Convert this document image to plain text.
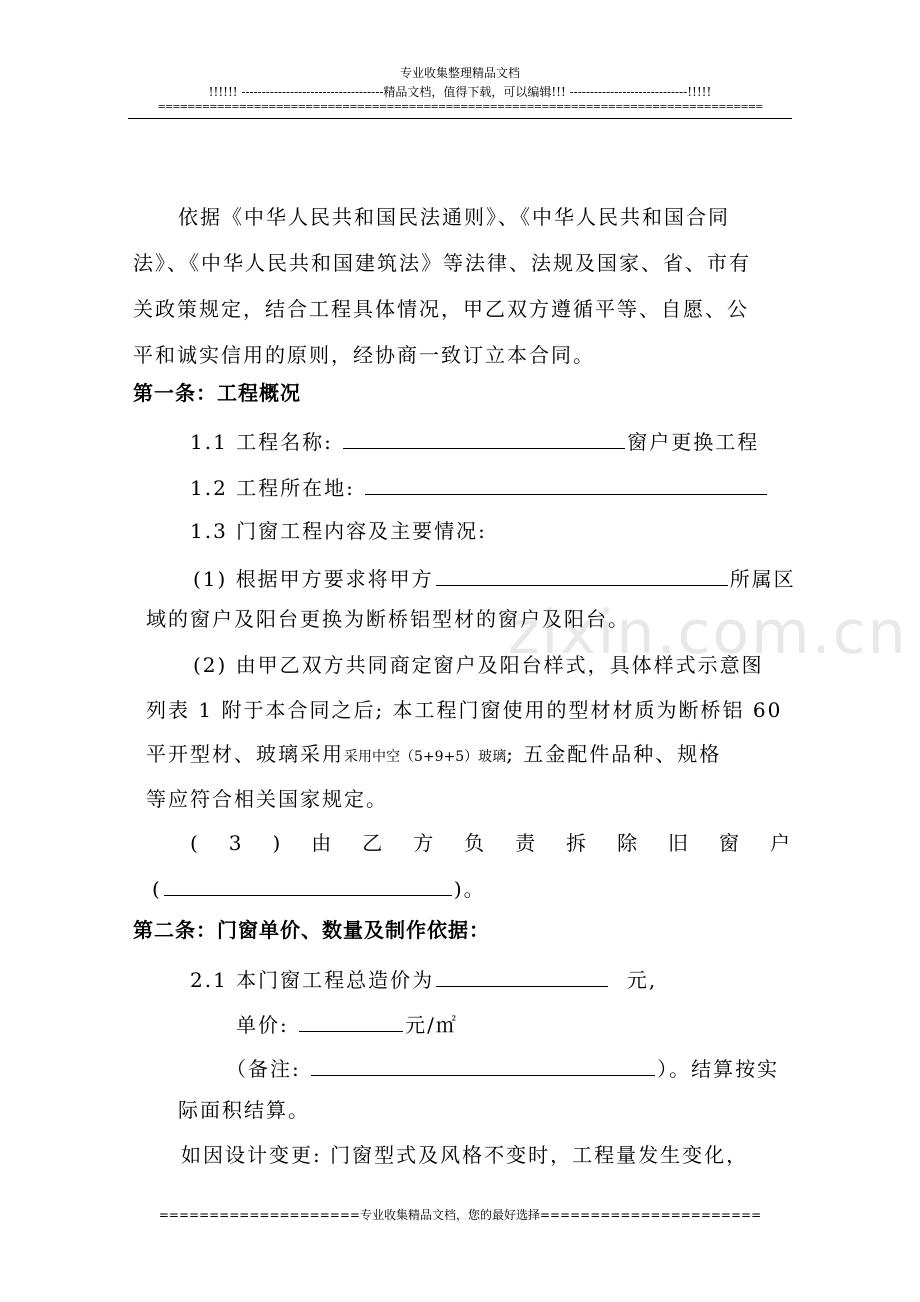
专业收集整理精品文档
!!!!!! -----------------------------------精品文档，值得下载，可以编辑!!! -----------------------------!!!!!
==================================================================================
zixin.com.cn
依据《中华人民共和国民法通则》、《中华人民共和国合同
法》、《中华人民共和国建筑法》等法律、法规及国家、省、市有
关政策规定，结合工程具体情况，甲乙双方遵循平等、自愿、公
平和诚实信用的原则，经协商一致订立本合同。
第一条：工程概况
1.1 工程名称:	窗户更换工程
1.2 工程所在地:
1.3 门窗工程内容及主要情况:
(1) 根据甲方要求将甲方	所属区
域的窗户及阳台更换为断桥铝型材的窗户及阳台。
(2) 由甲乙双方共同商定窗户及阳台样式，具体样式示意图
列表 1 附于本合同之后; 本工程门窗使用的型材材质为断桥铝 60
平开型材、玻璃采用采用中空（5+9+5）玻璃; 五金配件品种、规格
等应符合相关国家规定。
( 3 ) 由 乙 方 负 责 拆 除 旧 窗 户
(	)。
第二条：门窗单价、数量及制作依据：
2.1 本门窗工程总造价为	元,
单价:	元/㎡
（备注:	）。结算按实
际面积结算。
如因设计变更: 门窗型式及风格不变时，工程量发生变化，
====================专业收集精品文档，您的最好选择======================
